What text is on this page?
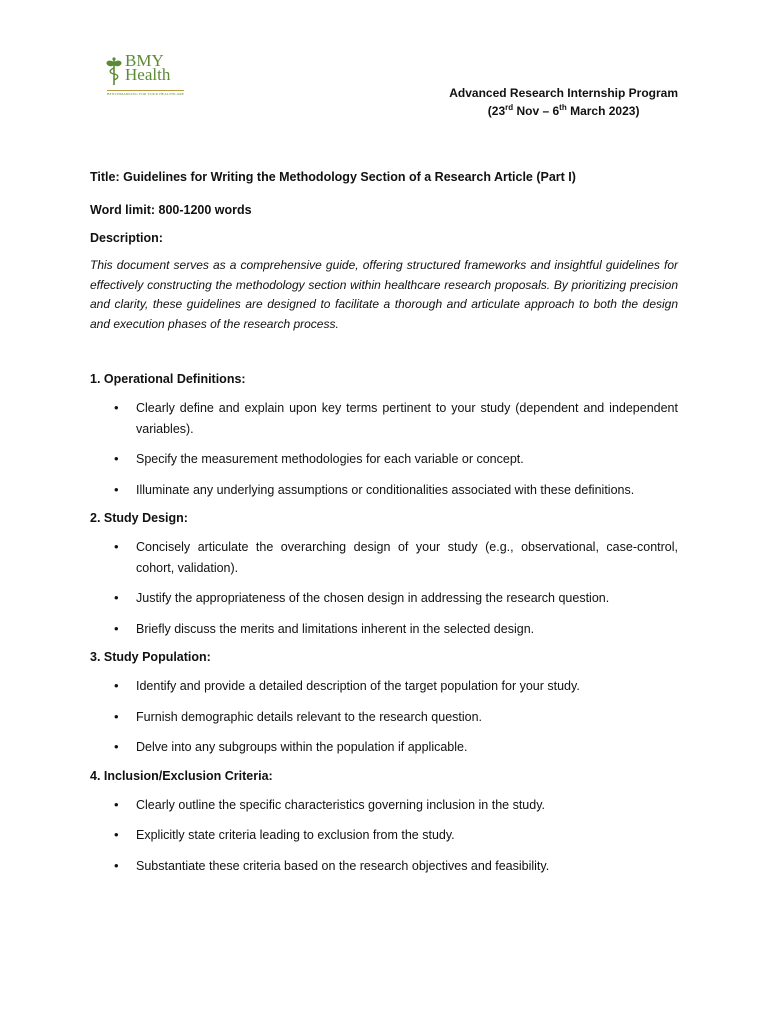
BMY
Health
BENCHMARKING FOR YOUR HEALTHCARE	Advanced Research Internship Program
(23rd Nov – 6th March 2023)

Title: Guidelines for Writing the Methodology Section of a Research Article (Part I)

Word limit: 800-1200 words

Description:

This document serves as a comprehensive guide, offering structured frameworks and insightful guidelines for effectively constructing the methodology section within healthcare research proposals. By prioritizing precision and clarity, these guidelines are designed to facilitate a thorough and articulate approach to both the design and execution phases of the research process.

1. Operational Definitions:

• Clearly define and explain upon key terms pertinent to your study (dependent and independent variables).
• Specify the measurement methodologies for each variable or concept.
• Illuminate any underlying assumptions or conditionalities associated with these definitions.

2. Study Design:

• Concisely articulate the overarching design of your study (e.g., observational, case-control, cohort, validation).
• Justify the appropriateness of the chosen design in addressing the research question.
• Briefly discuss the merits and limitations inherent in the selected design.

3. Study Population:

• Identify and provide a detailed description of the target population for your study.
• Furnish demographic details relevant to the research question.
• Delve into any subgroups within the population if applicable.

4. Inclusion/Exclusion Criteria:

• Clearly outline the specific characteristics governing inclusion in the study.
• Explicitly state criteria leading to exclusion from the study.
• Substantiate these criteria based on the research objectives and feasibility.
